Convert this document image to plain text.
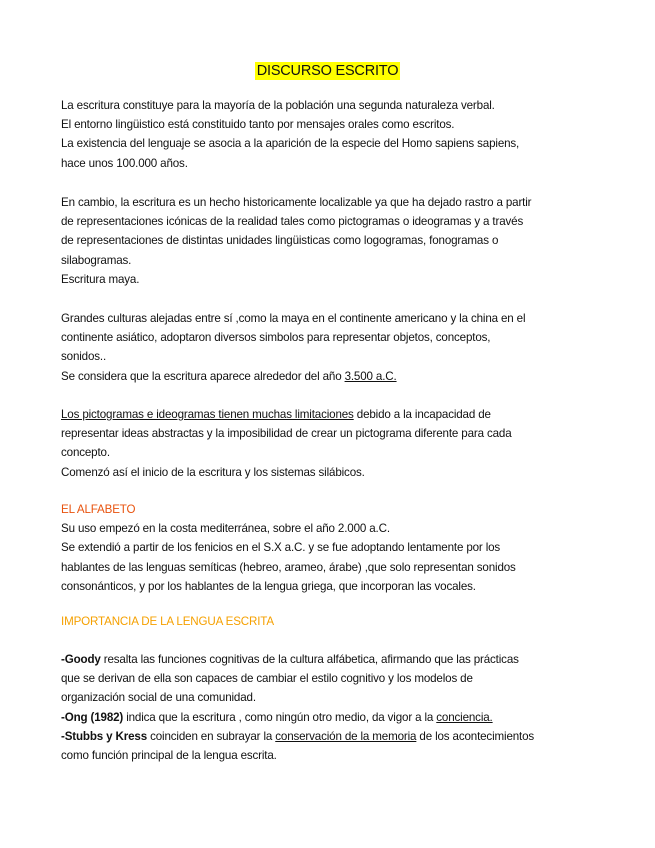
DISCURSO ESCRITO
La escritura constituye para la mayoría de la población una segunda naturaleza verbal.
El entorno lingüistico está constituido tanto por mensajes orales como escritos.
La existencia del lenguaje se asocia a la aparición de la especie del Homo sapiens sapiens,
hace unos 100.000 años.
En cambio, la escritura es un hecho historicamente localizable ya que ha dejado rastro a partir
de representaciones icónicas de la realidad tales como pictogramas o ideogramas y a través
de representaciones de distintas unidades lingüisticas como logogramas, fonogramas o
silabogramas.
Escritura maya.
Grandes culturas alejadas entre sí ,como la maya en el continente americano y la china en el
continente asiático, adoptaron diversos simbolos para representar objetos, conceptos,
sonidos..
Se considera que la escritura aparece alrededor del año 3.500 a.C.
Los pictogramas e ideogramas tienen muchas limitaciones debido a la incapacidad de
representar ideas abstractas y la imposibilidad de crear un pictograma diferente para cada
concepto.
Comenzó así el inicio de la escritura y los sistemas silábicos.
EL ALFABETO
Su uso empezó en la costa mediterránea, sobre el año 2.000 a.C.
Se extendió a partir de los fenicios en el S.X a.C. y se fue adoptando lentamente por los
hablantes de las lenguas semíticas (hebreo, arameo, árabe) ,que solo representan sonidos
consonánticos, y por los hablantes de la lengua griega, que incorporan las vocales.
IMPORTANCIA DE LA LENGUA ESCRITA
-Goody resalta las funciones cognitivas de la cultura alfábetica, afirmando que las prácticas
que se derivan de ella son capaces de cambiar el estilo cognitivo y los modelos de
organización social de una comunidad.
-Ong (1982) indica que la escritura , como ningún otro medio, da vigor a la conciencia.
-Stubbs y Kress coinciden en subrayar la conservación de la memoria de los acontecimientos
como función principal de la lengua escrita.
